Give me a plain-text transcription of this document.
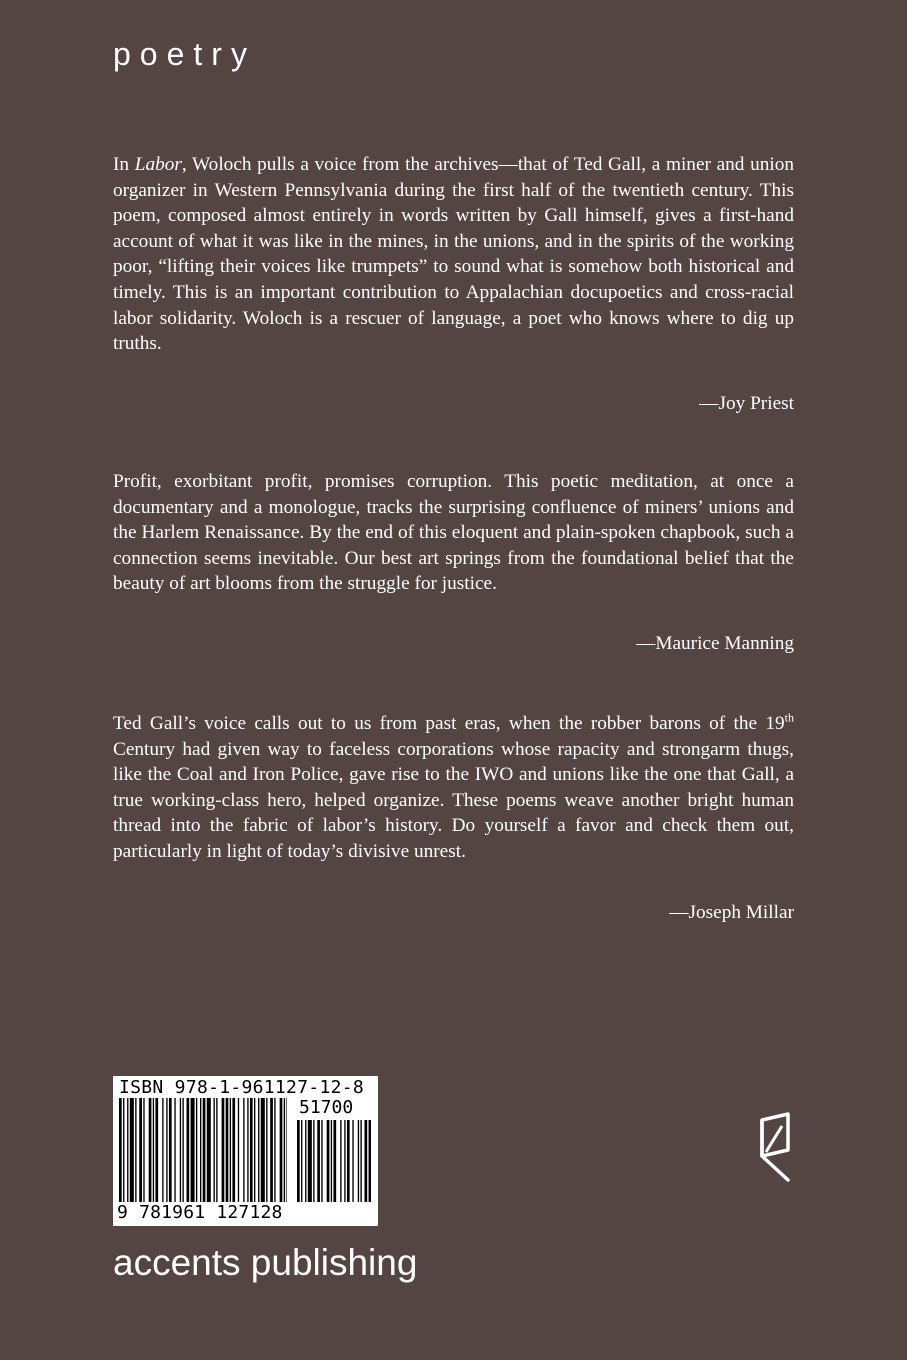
poetry

In Labor, Woloch pulls a voice from the archives—that of Ted Gall, a miner and union organizer in Western Pennsylvania during the first half of the twentieth century. This poem, composed almost entirely in words written by Gall himself, gives a first-hand account of what it was like in the mines, in the unions, and in the spirits of the working poor, “lifting their voices like trumpets” to sound what is somehow both historical and timely. This is an important contribution to Appalachian docupoetics and cross-racial labor solidarity. Woloch is a rescuer of language, a poet who knows where to dig up truths.

—Joy Priest

Profit, exorbitant profit, promises corruption. This poetic meditation, at once a documentary and a monologue, tracks the surprising confluence of miners’ unions and the Harlem Renaissance. By the end of this eloquent and plain-spoken chapbook, such a connection seems inevitable. Our best art springs from the foundational belief that the beauty of art blooms from the struggle for justice.

—Maurice Manning

Ted Gall’s voice calls out to us from past eras, when the robber barons of the 19th Century had given way to faceless corporations whose rapacity and strongarm thugs, like the Coal and Iron Police, gave rise to the IWO and unions like the one that Gall, a true working-class hero, helped organize. These poems weave another bright human thread into the fabric of labor’s history. Do yourself a favor and check them out, particularly in light of today’s divisive unrest.

—Joseph Millar
ISBN 978-1-961127-12-8
51700
9 781961 127128
accents publishing
